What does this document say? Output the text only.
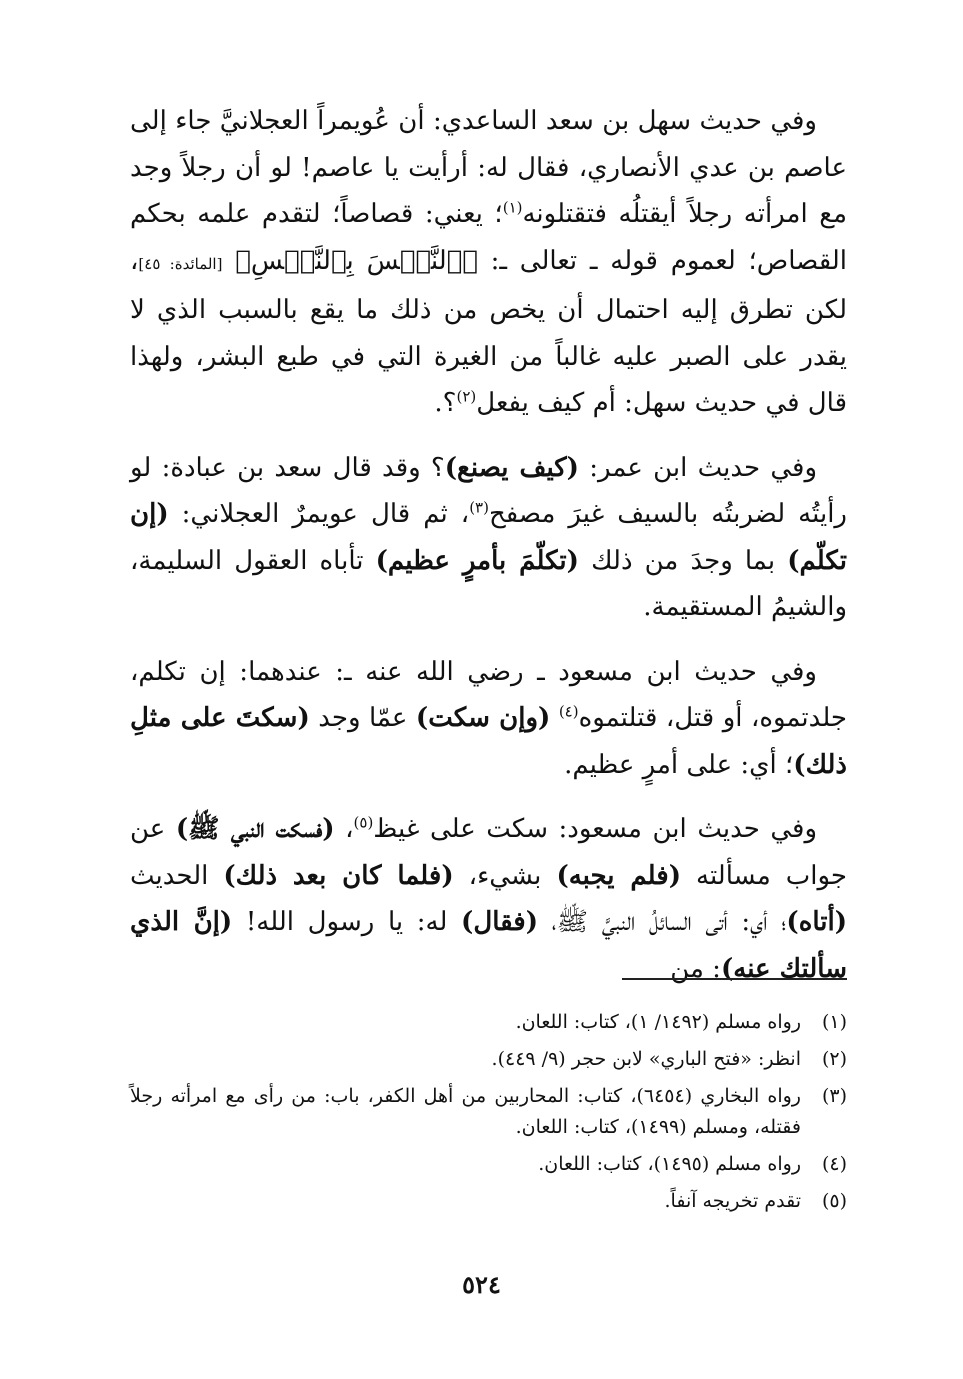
وفي حديث سهل بن سعد الساعدي: أن عُويمراً العجلانيَّ جاء إلى عاصم بن عدي الأنصاري، فقال له: أرأيت يا عاصم! لو أن رجلاً وجد مع امرأته رجلاً أيقتلُه فتقتلونه$^{(١)}$؛ يعني: قصاصاً؛ لتقدم علمه بحكم القصاص؛ لعموم قوله ـ تعالى ـ: ﴿ٱلنَّفۡسَ بِٱلنَّفۡسِ﴾ [المائدة: ٤٥]، لكن تطرق إليه احتمال أن يخص من ذلك ما يقع بالسبب الذي لا يقدر على الصبر عليه غالباً من الغيرة التي في طبع البشر، ولهذا قال في حديث سهل: أم كيف يفعل$^{(٢)}$؟.

وفي حديث ابن عمر: (كيف يصنع)؟ وقد قال سعد بن عبادة: لو رأيتُه لضربتُه بالسيف غيرَ مصفح$^{(٣)}$، ثم قال عويمرٌ العجلاني: (إن تكلّم) بما وجدَ من ذلك (تكلّمَ بأمرٍ عظيم) تأباه العقول السليمة، والشيمُ المستقيمة.

وفي حديث ابن مسعود ـ رضي الله عنه ـ: عندهما: إن تكلم، جلدتموه، أو قتل، قتلتموه$^{(٤)}$ (وإن سكت) عمّا وجد (سكتَ على مثلِ ذلك)؛ أي: على أمرٍ عظيم.

وفي حديث ابن مسعود: سكت على غيظ$^{(٥)}$، (فسكت النبي ﷺ) عن جواب مسألته (فلم يجبه) بشيء، (فلما كان بعد ذلك) الحديث (أتاه)؛ أي: أتى السائلُ النبيَّ ﷺ، (فقال) له: يا رسول الله! (إنَّ الذي سألتك عنه): من

(١)
رواه مسلم (١٤٩٢/ ١)، كتاب: اللعان.
(٢)
انظر: «فتح الباري» لابن حجر (٩/ ٤٤٩).
(٣)
رواه البخاري (٦٤٥٤)، كتاب: المحاربين من أهل الكفر، باب: من رأى مع امرأته رجلاً فقتله، ومسلم (١٤٩٩)، كتاب: اللعان.
(٤)
رواه مسلم (١٤٩٥)، كتاب: اللعان.
(٥)
تقدم تخريجه آنفاً.
٥٢٤
